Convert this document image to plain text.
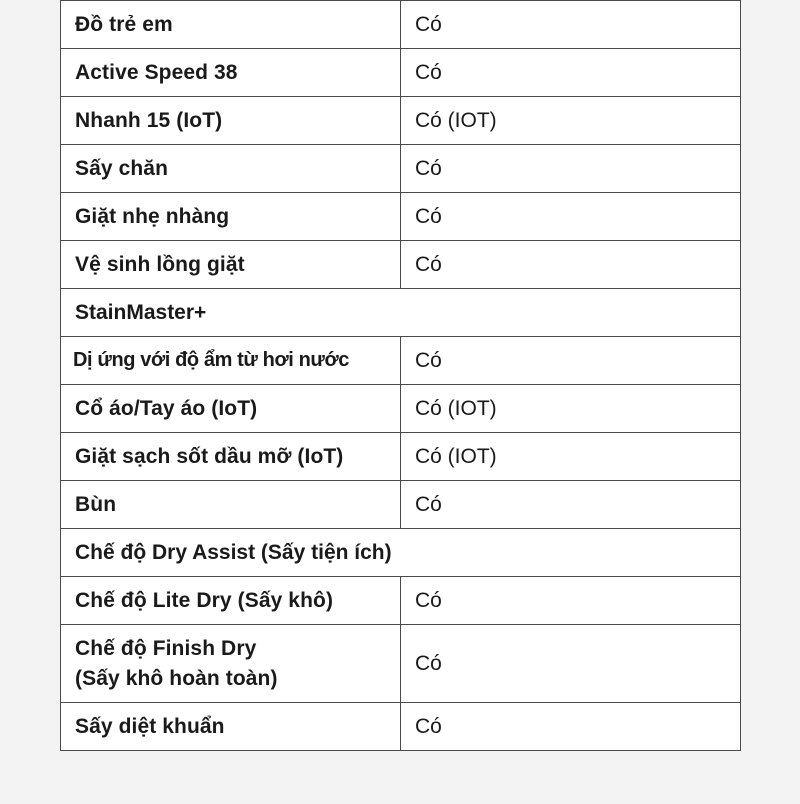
Đồ trẻ em	Có
Active Speed 38	Có
Nhanh 15 (IoT)	Có (IOT)
Sấy chăn	Có
Giặt nhẹ nhàng	Có
Vệ sinh lồng giặt	Có
StainMaster+	
Dị ứng với độ ẩm từ hơi nước	Có
Cổ áo/Tay áo (IoT)	Có (IOT)
Giặt sạch sốt dầu mỡ (IoT)	Có (IOT)
Bùn	Có
Chế độ Dry Assist (Sấy tiện ích)	
Chế độ Lite Dry (Sấy khô)	Có

Chế độ Finish Dry
(Sấy khô hoàn toàn)	Có
Sấy diệt khuẩn	Có
